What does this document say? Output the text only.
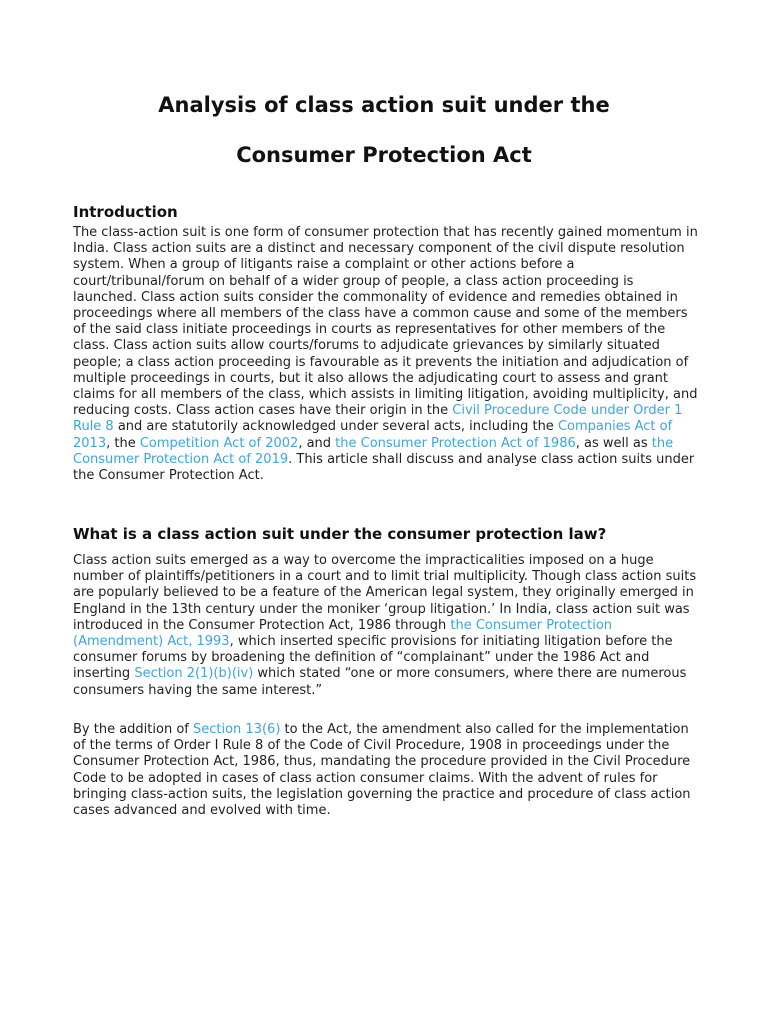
Analysis of class action suit under the
Consumer Protection Act
Introduction

The class-action suit is one form of consumer protection that has recently gained momentum in India. Class action suits are a distinct and necessary component of the civil dispute resolution system. When a group of litigants raise a complaint or other actions before a court/tribunal/forum on behalf of a wider group of people, a class action proceeding is launched. Class action suits consider the commonality of evidence and remedies obtained in proceedings where all members of the class have a common cause and some of the members of the said class initiate proceedings in courts as representatives for other members of the class. Class action suits allow courts/forums to adjudicate grievances by similarly situated people; a class action proceeding is favourable as it prevents the initiation and adjudication of multiple proceedings in courts, but it also allows the adjudicating court to assess and grant claims for all members of the class, which assists in limiting litigation, avoiding multiplicity, and reducing costs. Class action cases have their origin in the Civil Procedure Code under Order 1 Rule 8 and are statutorily acknowledged under several acts, including the Companies Act of 2013, the Competition Act of 2002, and the Consumer Protection Act of 1986, as well as the Consumer Protection Act of 2019. This article shall discuss and analyse class action suits under the Consumer Protection Act.

What is a class action suit under the consumer protection law?

Class action suits emerged as a way to overcome the impracticalities imposed on a huge number of plaintiffs/petitioners in a court and to limit trial multiplicity. Though class action suits are popularly believed to be a feature of the American legal system, they originally emerged in England in the 13th century under the moniker ‘group litigation.’ In India, class action suit was introduced in the Consumer Protection Act, 1986 through the Consumer Protection (Amendment) Act, 1993, which inserted specific provisions for initiating litigation before the consumer forums by broadening the definition of “complainant” under the 1986 Act and inserting Section 2(1)(b)(iv) which stated “one or more consumers, where there are numerous consumers having the same interest.”

By the addition of Section 13(6) to the Act, the amendment also called for the implementation of the terms of Order I Rule 8 of the Code of Civil Procedure, 1908 in proceedings under the Consumer Protection Act, 1986, thus, mandating the procedure provided in the Civil Procedure Code to be adopted in cases of class action consumer claims. With the advent of rules for bringing class-action suits, the legislation governing the practice and procedure of class action cases advanced and evolved with time.
